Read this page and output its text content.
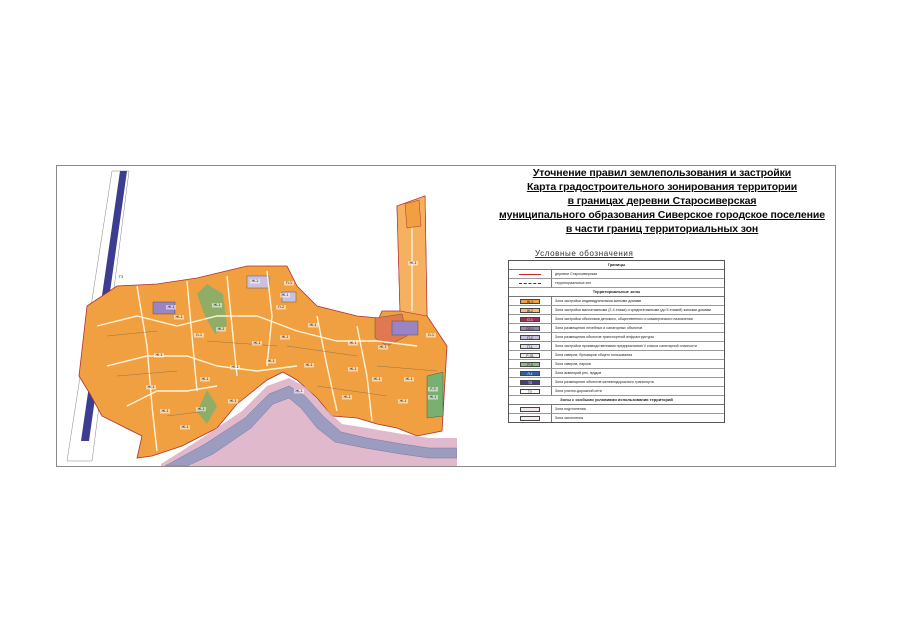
ТЗ
Ж-1	Ж-1
Ж-2
Ж-1
П-1
Ж-1
О-1
Ж-1
Ж-1
Ж-1
Ж-1
Ж-1
Ж-1
Ж-1
Ж-1	Ж-1
Ж-1
Ж-1
Ж-1
Ж-1
Ж-1
Ж-1
Ж-1
Ж-1
Ж-1	Ж-1
П-2
Ж-1
О-1
Ж-1
Ж-1
Ж-1
Р-3
Ж-1
Уточнение правил землепользования и застройки
Карта градостроительного зонирования территории
в границах деревни Старосиверская
муниципального образования Сиверское городское поселение
в части границ территориальных зон
Условные обозначения
Границы
деревни Старосиверская
территориальных зон
Территориальные зоны
Ж-1	Зона застройки индивидуальными жилыми домами
Ж-2	Зона застройки малоэтажными (2-4 этажа) и среднеэтажными (до 5 этажей) жилыми домами
О-1	Зона застройки объектами делового, общественного и коммерческого назначения
ОЗ-1	Зона размещения лечебных и санаторных объектов
П-2	Зона размещения объектов транспортной инфраструктуры
П-1	Зона застройки производственными предприятиями V класса санитарной опасности
Р-Л1	Зона скверов, бульваров общего пользования
Р-3	Зона скверов, парков
Л-1	Зона акваторий рек, прудов
ТЗ	Зона размещения объектов железнодорожного транспорта
ТУ	Зона улично-дорожной сети
Зоны с особыми условиями использования территорий
Зона подтопления
Зона затопления
